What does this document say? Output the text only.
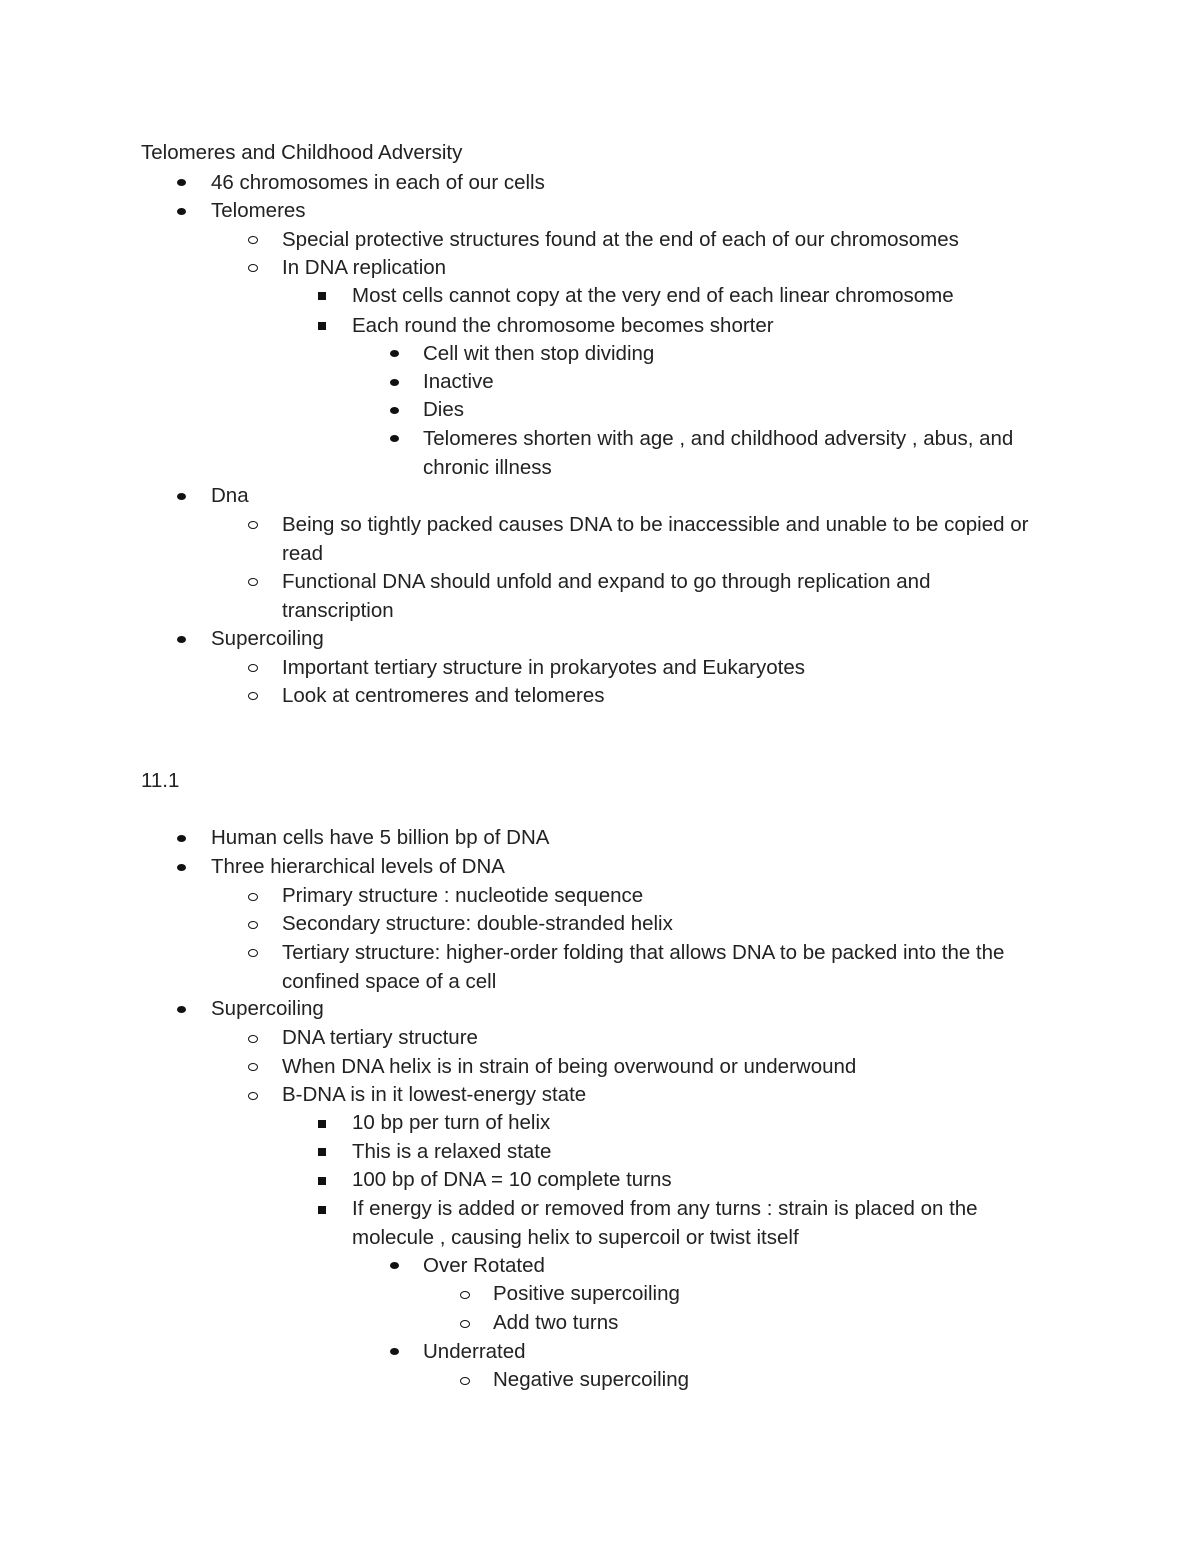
Telomeres and Childhood Adversity
46 chromosomes in each of our cells
Telomeres
Special protective structures found at the end of each of our chromosomes
In DNA replication
Most cells cannot copy at the very end of each linear chromosome
Each round the chromosome becomes shorter
Cell wit then stop dividing
Inactive
Dies
Telomeres shorten with age , and childhood adversity , abus, and chronic illness
Dna
Being so tightly packed causes DNA to be inaccessible and unable to be copied or read
Functional DNA should unfold and expand to go through replication and transcription
Supercoiling
Important tertiary structure in prokaryotes and Eukaryotes
Look at centromeres and telomeres
11.1
Human cells have 5 billion bp of DNA
Three hierarchical levels of DNA
Primary structure : nucleotide sequence
Secondary structure: double-stranded helix
Tertiary structure: higher-order folding that allows DNA to be packed into the the confined space of a cell
Supercoiling
DNA tertiary structure
When DNA helix is in strain of being overwound or underwound
B-DNA is in it lowest-energy state
10 bp per turn of helix
This is a relaxed state
100 bp of DNA = 10 complete turns
If energy is added or removed from any turns : strain is placed on the molecule , causing helix to supercoil or twist itself
Over Rotated
Positive supercoiling
Add two turns
Underrated
Negative supercoiling
